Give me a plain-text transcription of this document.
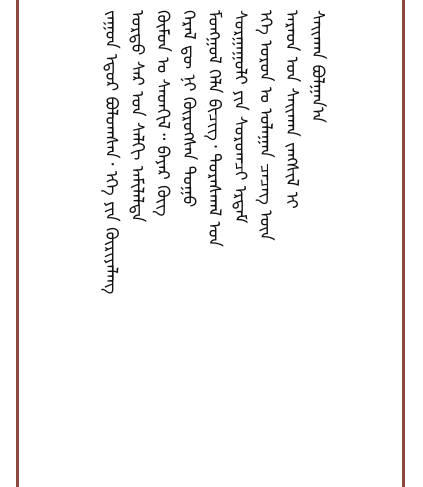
ᠵᠠᠭᠤᠨ ᠡᠳᠦᠷ ᠪᠤᠯᠤᠭᠰᠠᠨ᠂ ᠡᠬᠡ ᠶᠢᠨ ᠬᠦᠷᠢᠶᠡᠯᠡᠩ ᠤᠷᠲᠤ ᠰᠠᠷ ᠤᠨ ᠰᠠᠯᠬᠢ ᠠᠮᠢᠯᠠᠯᠲᠠ ᠬᠦᠮᠦᠨ ᠤ ᠰᠡᠳᠬᠢᠯ᠃ ᠪᠠᠶᠠᠷ ᠬᠥᠭ ᠭᠡᠷᠡᠯ ᠳᠦ ᠨᠢ ᠬᠦᠷᠦᠭᠰᠡᠨ ᠳᠤᠭᠤ ᠮᠣᠩᠭᠣᠯ ᠬᠡᠯᠡ ᠪᠢᠴᠢᠭ᠂ ᠳᠤᠷᠠᠰᠬᠠᠯ ᠤᠨ ᠰᠤᠷᠭᠠᠭᠤᠯᠢ ᠶᠢᠨ ᠰᠤᠷᠤᠭᠴᠢ ᠡᠷᠳᠡᠮ ᠡᠬᠡ ᠣᠷᠤᠨ ᠤ ᠤᠯᠠᠭᠠᠨ ᠴᠡᠴᠡᠭ ᠦᠨ ᠠᠷᠠᠳ ᠤᠨ ᠰᠠᠢᠬᠠᠨ ᠵᠠᠩᠰᠢᠯ ᠢ ᠰᠠᠢᠬᠠᠨ ᠪᠣᠯᠭᠠᠨ᠎ᠠ
